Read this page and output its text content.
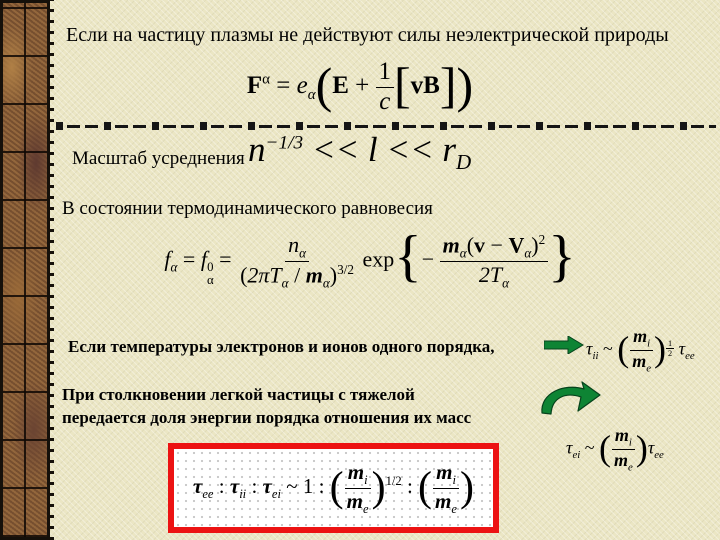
Если на частицу плазмы не действуют силы неэлектрической природы
$F^\alpha = e_\alpha(E + \frac{1}{c} [vB])$
Масштаб усреднения $n^{-1/3} << l << r_D$
В состоянии термодинамического равновесия
$f_\alpha = f$ 0
α
= $\frac{n_\alpha}{(2\pi T_\alpha / m_\alpha)^{3/2}} \exp\{- \frac{m_\alpha(v - V_\alpha)^2}{2T_\alpha}$ }
Если температуры электронов и ионов одного порядка,	$\tau_{ii}$ ~ ( $\frac{m_i}{m_e}$ ) $\frac{1}{2} \tau_{ee}$
При столкновении легкой частицы с тяжелой
передается доля энергии порядка отношения их масс
$\tau_{ei}$ ~ ( $\frac{m_i}{m_e} )\tau_{ee}$
$\tau_{ee}$ : $\tau_{ii}$ : $\tau_{ei}$ ~ 1 : ( $\frac{m_i}{m_e} )^{1/2}$ : ( $\frac{m_i}{m_e}$ )
